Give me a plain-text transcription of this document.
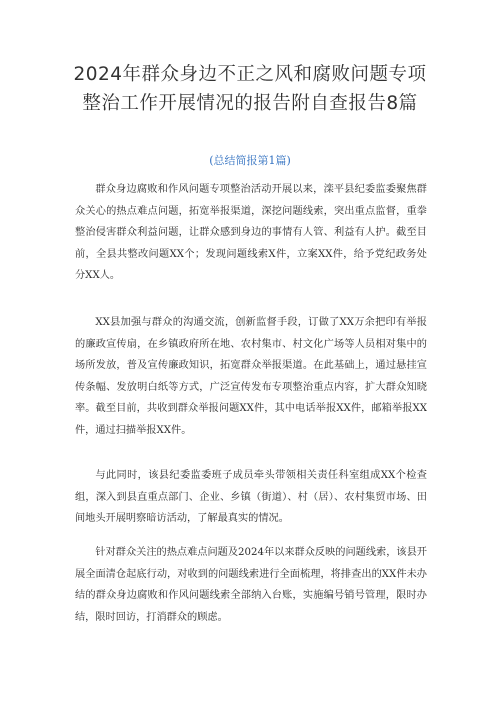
2024年群众身边不正之风和腐败问题专项
整治工作开展情况的报告附自查报告8篇
(总结简报第1篇)

群众身边腐败和作风问题专项整治活动开展以来，滦平县纪委监委聚焦群众关心的热点难点问题，拓宽举报渠道，深挖问题线索，突出重点监督，重拳整治侵害群众利益问题，让群众感到身边的事情有人管、利益有人护。截至目前，全县共整改问题XX个；发现问题线索X件，立案XX件，给予党纪政务处分XX人。

XX县加强与群众的沟通交流，创新监督手段，订做了XX万余把印有举报的廉政宣传扇，在乡镇政府所在地、农村集市、村文化广场等人员相对集中的场所发放，普及宣传廉政知识，拓宽群众举报渠道。在此基础上，通过悬挂宣传条幅、发放明白纸等方式，广泛宣传发布专项整治重点内容，扩大群众知晓率。截至目前，共收到群众举报问题XX件，其中电话举报XX件，邮箱举报XX件，通过扫描举报XX件。

与此同时，该县纪委监委班子成员牵头带领相关责任科室组成XX个检查组，深入到县直重点部门、企业、乡镇（街道）、村（居）、农村集贸市场、田间地头开展明察暗访活动，了解最真实的情况。

针对群众关注的热点难点问题及2024年以来群众反映的问题线索，该县开展全面清仓起底行动，对收到的问题线索进行全面梳理，将排查出的XX件未办结的群众身边腐败和作风问题线索全部纳入台账，实施编号销号管理，限时办结，限时回访，打消群众的顾虑。
